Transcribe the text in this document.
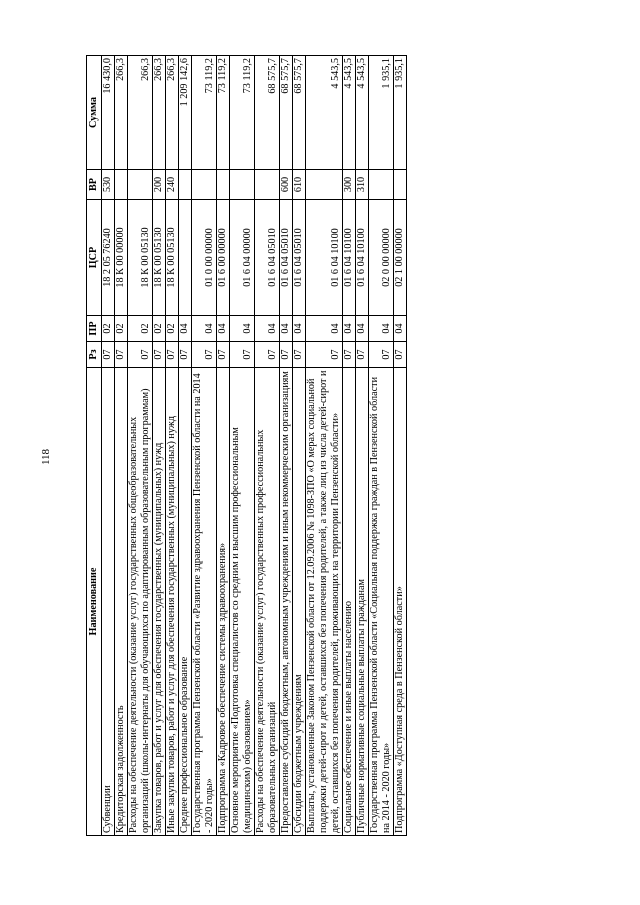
118
Наименование	Рз	ПР	ЦСР	ВР	Сумма
Субвенции	07	02	18 2 05 76240	530	16 430,0
Кредиторская задолженность	07	02	18 К 00 00000		266,3
Расходы на обеспечение деятельности (оказание услуг) государственных общеобразовательных организаций (школы-интернаты для обучающихся по адаптированным образовательным программам)	07	02	18 К 00 05130		266,3
Закупка товаров, работ и услуг для обеспечения государственных (муниципальных) нужд	07	02	18 К 00 05130	200	266,3
Иные закупки товаров, работ и услуг для обеспечения государственных (муниципальных) нужд	07	02	18 К 00 05130	240	266,3
Среднее профессиональное образование	07	04			1 209 142,6
Государственная программа Пензенской области «Развитие здравоохранения Пензенской области на 2014 - 2020 годы»	07	04	01 0 00 00000		73 119,2
Подпрограмма «Кадровое обеспечение системы здравоохранения»	07	04	01 6 00 00000		73 119,2
Основное мероприятие «Подготовка специалистов со средним и высшим профессиональным (медицинским) образованием»	07	04	01 6 04 00000		73 119,2
Расходы на обеспечение деятельности (оказание услуг) государственных профессиональных образовательных организаций	07	04	01 6 04 05010		68 575,7
Предоставление субсидий бюджетным, автономным учреждениям и иным некоммерческим организациям	07	04	01 6 04 05010	600	68 575,7
Субсидии бюджетным учреждениям	07	04	01 6 04 05010	610	68 575,7
Выплаты, установленные Законом Пензенской области от 12.09.2006 № 1098-ЗПО «О мерах социальной поддержки детей-сирот и детей, оставшихся без попечения родителей, а также лиц из числа детей-сирот и детей, оставшихся без попечения родителей, проживающих на территории Пензенской области»	07	04	01 6 04 10100		4 543,5
Социальное обеспечение и иные выплаты населению	07	04	01 6 04 10100	300	4 543,5
Публичные нормативные социальные выплаты гражданам	07	04	01 6 04 10100	310	4 543,5
Государственная программа Пензенской области «Социальная поддержка граждан в Пензенской области на 2014 - 2020 годы»	07	04	02 0 00 00000		1 935,1
Подпрограмма «Доступная среда в Пензенской области»	07	04	02 1 00 00000		1 935,1
